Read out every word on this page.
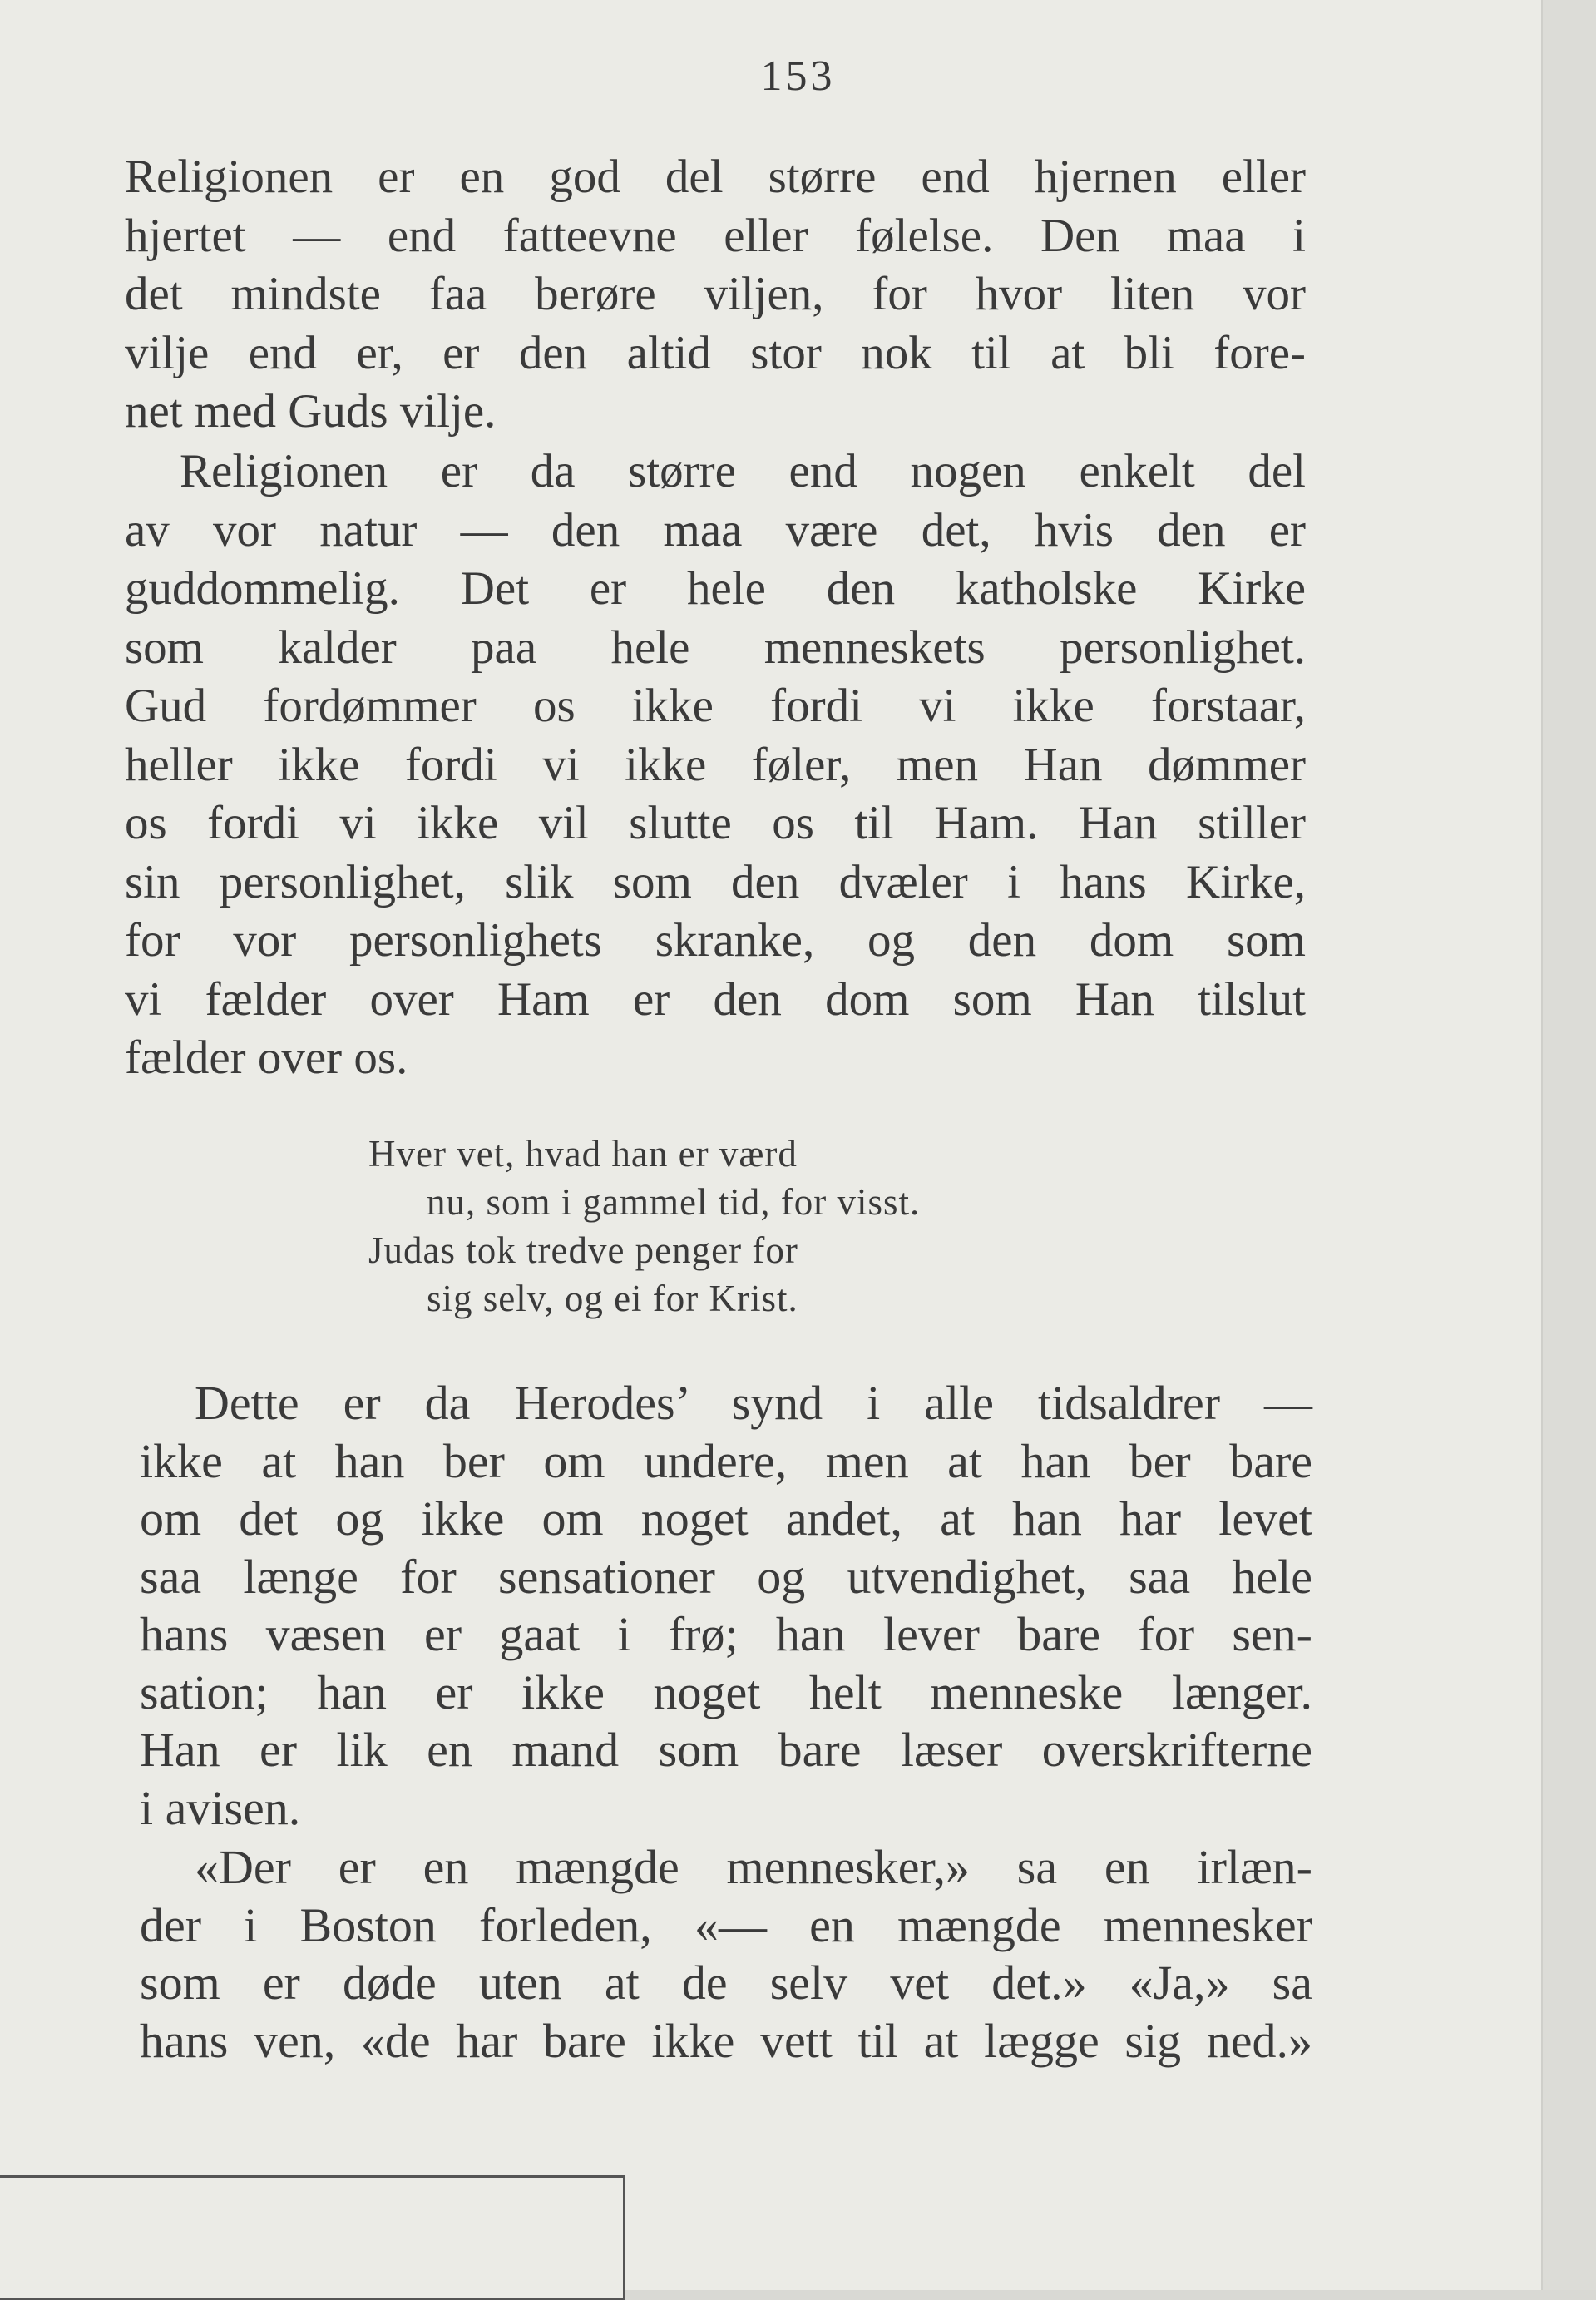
153
Religionen er en god del større end hjernen eller
hjertet — end fatteevne eller følelse. Den maa i
det mindste faa berøre viljen, for hvor liten vor
vilje end er, er den altid stor nok til at bli fore-
net med Guds vilje.
Religionen er da større end nogen enkelt del
av vor natur — den maa være det, hvis den er
guddommelig. Det er hele den katholske Kirke
som kalder paa hele menneskets personlighet.
Gud fordømmer os ikke fordi vi ikke forstaar,
heller ikke fordi vi ikke føler, men Han dømmer
os fordi vi ikke vil slutte os til Ham. Han stiller
sin personlighet, slik som den dvæler i hans Kirke,
for vor personlighets skranke, og den dom som
vi fælder over Ham er den dom som Han tilslut
fælder over os.
Hver vet, hvad han er værd
nu, som i gammel tid, for visst.
Judas tok tredve penger for
sig selv, og ei for Krist.
Dette er da Herodes’ synd i alle tidsaldrer —
ikke at han ber om undere, men at han ber bare
om det og ikke om noget andet, at han har levet
saa længe for sensationer og utvendighet, saa hele
hans væsen er gaat i frø; han lever bare for sen-
sation; han er ikke noget helt menneske længer.
Han er lik en mand som bare læser overskrifterne
i avisen.
«Der er en mængde mennesker,» sa en irlæn-
der i Boston forleden, «— en mængde mennesker
som er døde uten at de selv vet det.» «Ja,» sa
hans ven, «de har bare ikke vett til at lægge sig ned.»
